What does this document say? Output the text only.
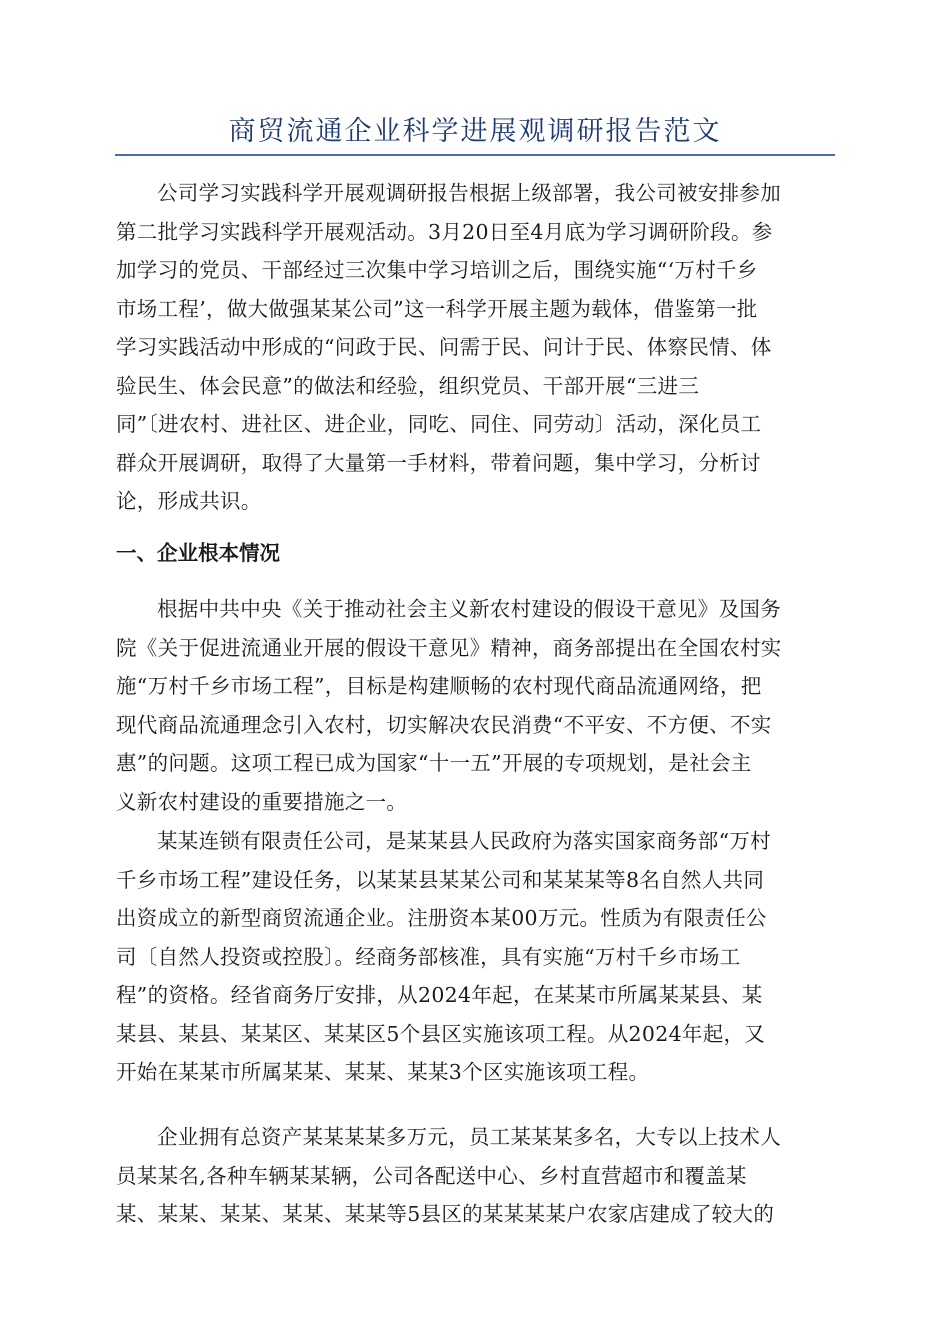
商贸流通企业科学进展观调研报告范文

公司学习实践科学开展观调研报告根据上级部署，我公司被安排参加
第二批学习实践科学开展观活动。3月20日至4月底为学习调研阶段。参
加学习的党员、干部经过三次集中学习培训之后，围绕实施“‘万村千乡
市场工程’，做大做强某某公司”这一科学开展主题为载体，借鉴第一批
学习实践活动中形成的“问政于民、问需于民、问计于民、体察民情、体
验民生、体会民意”的做法和经验，组织党员、干部开展“三进三
同”〔进农村、进社区、进企业，同吃、同住、同劳动〕活动，深化员工
群众开展调研，取得了大量第一手材料，带着问题，集中学习，分析讨
论，形成共识。

一、企业根本情况

根据中共中央《关于推动社会主义新农村建设的假设干意见》及国务
院《关于促进流通业开展的假设干意见》精神，商务部提出在全国农村实
施“万村千乡市场工程”，目标是构建顺畅的农村现代商品流通网络，把
现代商品流通理念引入农村，切实解决农民消费“不平安、不方便、不实
惠”的问题。这项工程已成为国家“十一五”开展的专项规划，是社会主
义新农村建设的重要措施之一。

某某连锁有限责任公司，是某某县人民政府为落实国家商务部“万村
千乡市场工程”建设任务，以某某县某某公司和某某某等8名自然人共同
出资成立的新型商贸流通企业。注册资本某00万元。性质为有限责任公
司〔自然人投资或控股〕。经商务部核准，具有实施“万村千乡市场工
程”的资格。经省商务厅安排，从2024年起，在某某市所属某某县、某
某县、某县、某某区、某某区5个县区实施该项工程。从2024年起，又
开始在某某市所属某某、某某、某某3个区实施该项工程。

企业拥有总资产某某某某多万元，员工某某某多名，大专以上技术人
员某某名,各种车辆某某辆，公司各配送中心、乡村直营超市和覆盖某
某、某某、某某、某某、某某等5县区的某某某某户农家店建成了较大的
